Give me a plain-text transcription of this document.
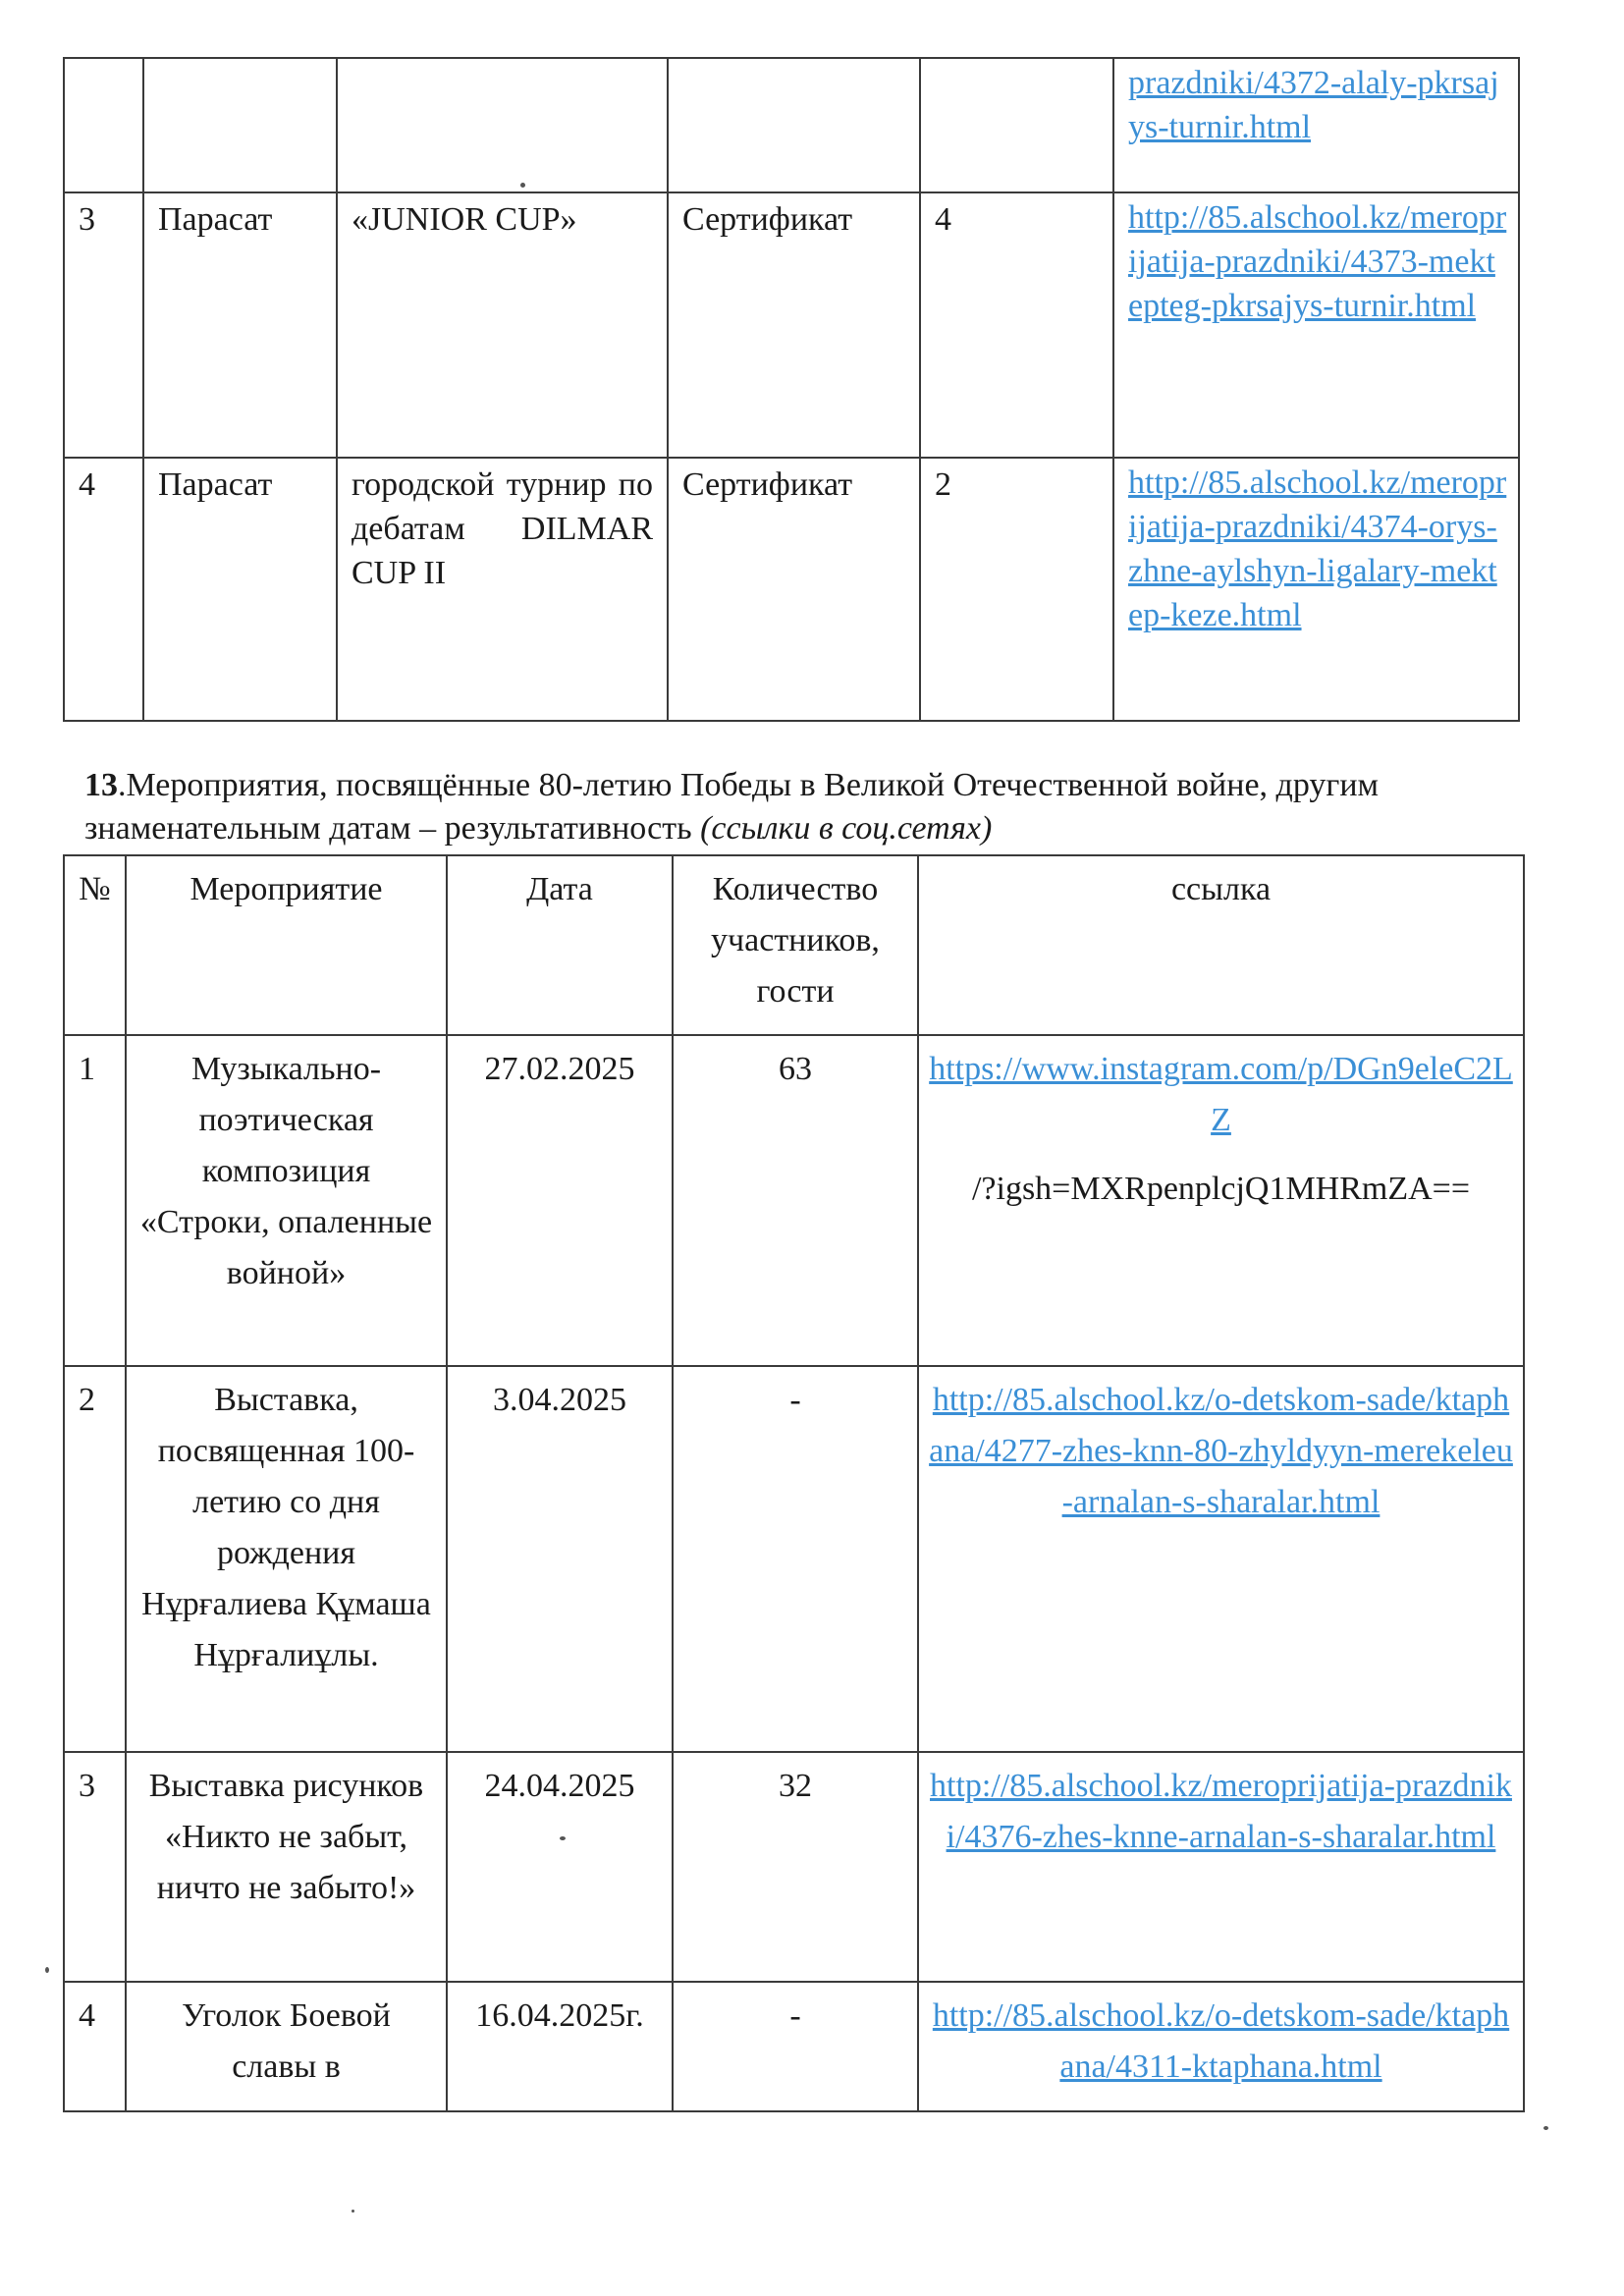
					prazdniki/4372-alaly-pkrsajys-turnir.html
3	Парасат	«JUNIOR CUP»	Сертификат	4	http://85.alschool.kz/meroprijatija-prazdniki/4373-mektepteg-pkrsajys-turnir.html
4	Парасат	городской турнир по дебатам DILMAR CUP II	Сертификат	2	http://85.alschool.kz/meroprijatija-prazdniki/4374-orys-zhne-aylshyn-ligalary-mektep-keze.html
13.Мероприятия, посвящённые 80-летию Победы в Великой Отечественной войне, другим знаменательным датам – результативность (ссылки в соц.сетях)
№	Мероприятие	Дата	Количество участников, гости	ссылка
1	Музыкально-поэтическая композиция «Строки, опаленные войной»	27.02.2025	63	https://www.instagram.com/p/DGn9eleC2LZ
/?igsh=MXRpenplcjQ1MHRmZA==

2	Выставка, посвященная 100-летию со дня рождения Нұрғалиева Құмаша Нұрғалиұлы.	3.04.2025	-	http://85.alschool.kz/o-detskom-sade/ktaphana/4277-zhes-knn-80-zhyldyyn-merekeleu-arnalan-s-sharalar.html
3	Выставка рисунков «Никто не забыт, ничто не забыто!»	24.04.2025	32	http://85.alschool.kz/meroprijatija-prazdniki/4376-zhes-knne-arnalan-s-sharalar.html
4	Уголок Боевой славы в	16.04.2025г.	-	http://85.alschool.kz/o-detskom-sade/ktaphana/4311-ktaphana.html
